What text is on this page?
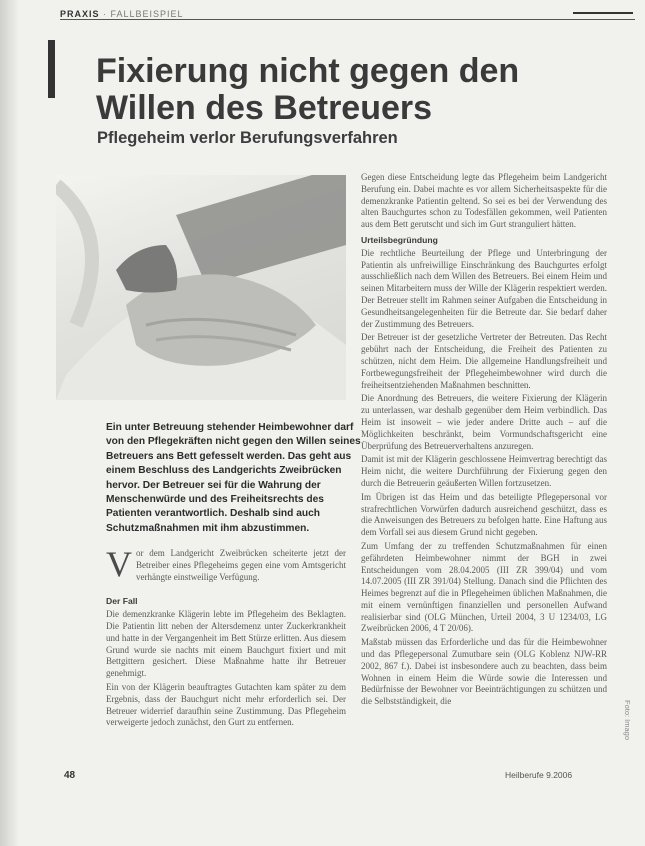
PRAXIS · FALLBEISPIEL
Fixierung nicht gegen den Willen des Betreuers
Pflegeheim verlor Berufungsverfahren

Ein unter Betreuung stehender Heimbewohner darf von den Pflegekräften nicht gegen den Willen seines Betreuers ans Bett gefesselt werden. Das geht aus einem Beschluss des Landgerichts Zweibrücken hervor. Der Betreuer sei für die Wahrung der Menschenwürde und des Freiheitsrechts des Patienten verantwortlich. Deshalb sind auch Schutzmaßnahmen mit ihm abzustimmen.

Vor dem Landgericht Zweibrücken scheiterte jetzt der Betreiber eines Pflegeheims gegen eine vom Amtsgericht verhängte einstweilige Verfügung.

Der Fall

Die demenzkranke Klägerin lebte im Pflegeheim des Beklagten. Die Patientin litt neben der Altersdemenz unter Zuckerkrankheit und hatte in der Vergangenheit im Bett Stürze erlitten. Aus diesem Grund wurde sie nachts mit einem Bauchgurt fixiert und mit Bettgittern gesichert. Diese Maßnahme hatte ihr Betreuer genehmigt.

Ein von der Klägerin beauftragtes Gutachten kam später zu dem Ergebnis, dass der Bauchgurt nicht mehr erforderlich sei. Der Betreuer widerrief daraufhin seine Zustimmung. Das Pflegeheim verweigerte jedoch zunächst, den Gurt zu entfernen.

Gegen diese Entscheidung legte das Pflegeheim beim Landgericht Berufung ein. Dabei machte es vor allem Sicherheitsaspekte für die demenzkranke Patientin geltend. So sei es bei der Verwendung des alten Bauchgurtes schon zu Todesfällen gekommen, weil Patienten aus dem Bett gerutscht und sich im Gurt stranguliert hätten.

Urteilsbegründung

Die rechtliche Beurteilung der Pflege und Unterbringung der Patientin als unfreiwillige Einschränkung des Bauchgurtes erfolgt ausschließlich nach dem Willen des Betreuers. Bei einem Heim und seinen Mitarbeitern muss der Wille der Klägerin respektiert werden. Der Betreuer stellt im Rahmen seiner Aufgaben die Entscheidung in Gesundheitsangelegenheiten für die Betreute dar. Sie bedarf daher der Zustimmung des Betreuers.

Der Betreuer ist der gesetzliche Vertreter der Betreuten. Das Recht gebührt nach der Entscheidung, die Freiheit des Patienten zu schützen, nicht dem Heim. Die allgemeine Handlungsfreiheit und Fortbewegungsfreiheit der Pflegeheimbewohner wird durch die freiheitsentziehenden Maßnahmen beschnitten.

Die Anordnung des Betreuers, die weitere Fixierung der Klägerin zu unterlassen, war deshalb gegenüber dem Heim verbindlich. Das Heim ist insoweit – wie jeder andere Dritte auch – auf die Möglichkeiten beschränkt, beim Vormundschaftsgericht eine Überprüfung des Betreuerverhaltens anzuregen.

Damit ist mit der Klägerin geschlossene Heimvertrag berechtigt das Heim nicht, die weitere Durchführung der Fixierung gegen den durch die Betreuerin geäußerten Willen fortzusetzen.

Im Übrigen ist das Heim und das beteiligte Pflegepersonal vor strafrechtlichen Vorwürfen dadurch ausreichend geschützt, dass es die Anweisungen des Betreuers zu befolgen hatte. Eine Haftung aus dem Vorfall sei aus diesem Grund nicht gegeben.

Zum Umfang der zu treffenden Schutzmaßnahmen für einen gefährdeten Heimbewohner nimmt der BGH in zwei Entscheidungen vom 28.04.2005 (III ZR 399/04) und vom 14.07.2005 (III ZR 391/04) Stellung. Danach sind die Pflichten des Heimes begrenzt auf die in Pflegeheimen üblichen Maßnahmen, die mit einem vernünftigen finanziellen und personellen Aufwand realisierbar sind (OLG München, Urteil 2004, 3 U 1234/03, LG Zweibrücken 2006, 4 T 20/06).

Maßstab müssen das Erforderliche und das für die Heimbewohner und das Pflegepersonal Zumutbare sein (OLG Koblenz NJW-RR 2002, 867 f.). Dabei ist insbesondere auch zu beachten, dass beim Wohnen in einem Heim die Würde sowie die Interessen und Bedürfnisse der Bewohner vor Beeinträchtigungen zu schützen und die Selbstständigkeit, die

48	Heilberufe 9.2006
Foto: Imago
